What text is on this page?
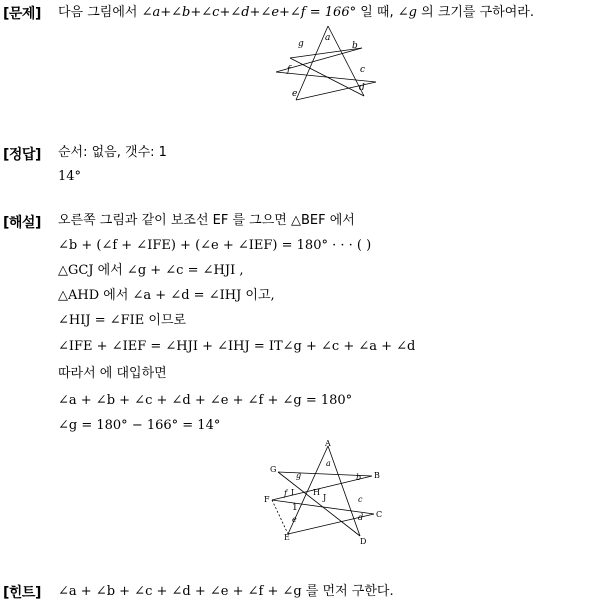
[문제] 다음 그림에서 ∠a+∠b+∠c+∠d+∠e+∠f = 166° 일 때, ∠g 의 크기를 구하여라.
a
b
c
d
e
f
g
[정답] 순서: 없음, 갯수: 1
14°
[해설] 오른쪽 그림과 같이 보조선 EF 를 그으면 △BEF 에서
∠b + (∠f + ∠IFE) + (∠e + ∠IEF) = 180° · · · ( )
△GCJ 에서 ∠g + ∠c = ∠HJI ,
△AHD 에서 ∠a + ∠d = ∠IHJ 이고,
∠HIJ = ∠FIE 이므로
∠IFE + ∠IEF = ∠HJI + ∠IHJ = IT∠g + ∠c + ∠a + ∠d
따라서 에 대입하면
∠a + ∠b + ∠c + ∠d + ∠e + ∠f + ∠g = 180°
∠g = 180° − 166° = 14°
A
B
C
D
E
F
G
H
I
J
a
b
c
d
e
f
g
1
[힌트] ∠a + ∠b + ∠c + ∠d + ∠e + ∠f + ∠g 를 먼저 구한다.
